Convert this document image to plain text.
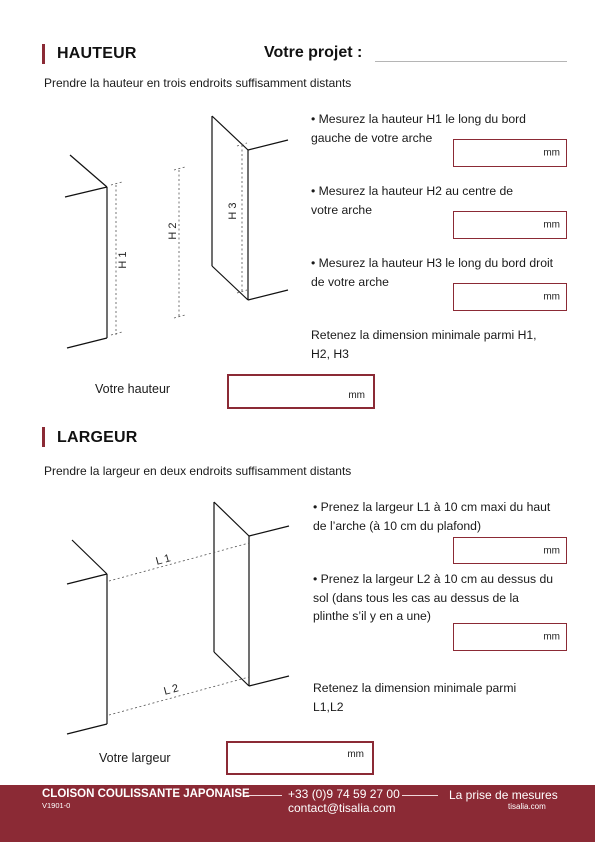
HAUTEUR	Votre projet :
Prendre la hauteur en trois endroits suffisamment distants
H 1
H 2
H 3
• Mesurez la hauteur H1 le long du bord gauche de votre arche
mm
• Mesurez la hauteur H2 au centre de votre arche
mm
• Mesurez la hauteur H3 le long du bord droit de votre arche
mm
Retenez la dimension minimale parmi H1, H2, H3
Votre hauteur	mm
LARGEUR
Prendre la largeur en deux endroits suffisamment distants
L 1
L 2
• Prenez la largeur L1 à 10 cm maxi du haut de l’arche (à 10 cm du plafond)
mm
• Prenez la largeur L2 à 10 cm au dessus du sol (dans tous les cas au dessus de la plinthe s’il y en a une)
mm
Retenez la dimension minimale parmi L1,L2
Votre largeur	mm
CLOISON COULISSANTE JAPONAISE
V1901-0
+33 (0)9 74 59 27 00
contact@tisalia.com
La prise de mesures
tisalia.com
